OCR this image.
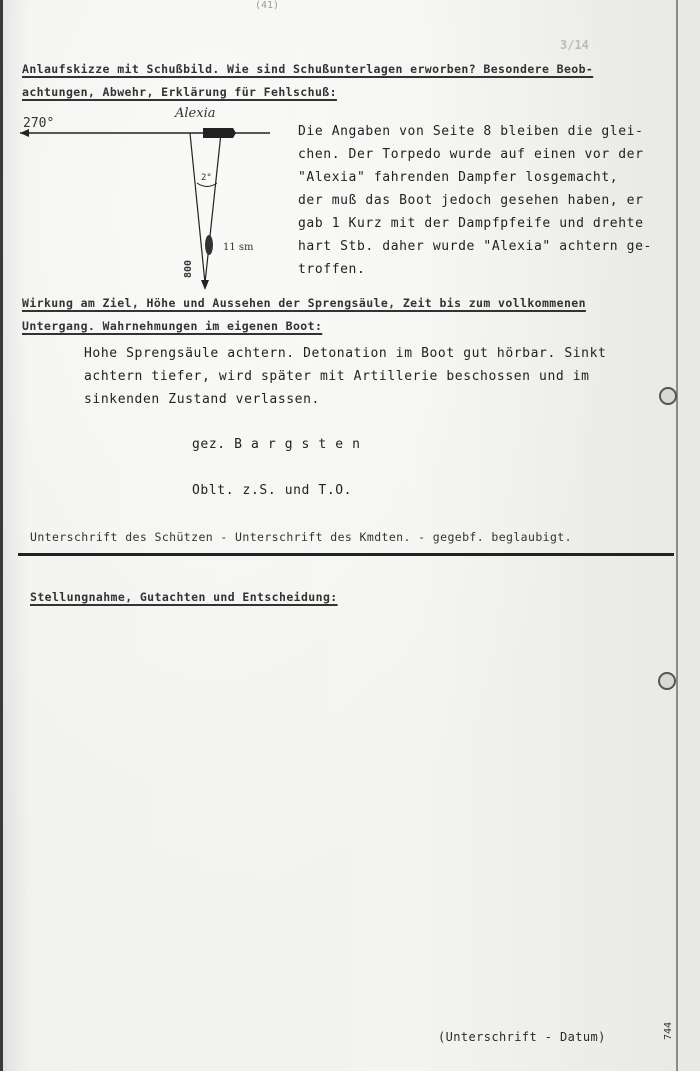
(41)
3/14
Anlaufskizze mit Schußbild. Wie sind Schußunterlagen erworben? Besondere Beob-
achtungen, Abwehr, Erklärung für Fehlschuß:
270°
Alexia
2°
11 sm
800
Die Angaben von Seite 8 bleiben die glei-
chen. Der Torpedo wurde auf einen vor der
"Alexia" fahrenden Dampfer losgemacht,
der muß das Boot jedoch gesehen haben, er
gab 1 Kurz mit der Dampfpfeife und drehte
hart Stb. daher wurde "Alexia" achtern ge-
troffen.
Wirkung am Ziel, Höhe und Aussehen der Sprengsäule, Zeit bis zum vollkommenen
Untergang. Wahrnehmungen im eigenen Boot:
Hohe Sprengsäule achtern. Detonation im Boot gut hörbar. Sinkt
achtern tiefer, wird später mit Artillerie beschossen und im
sinkenden Zustand verlassen.
gez. B a r g s t e n
Oblt. z.S. und T.O.
Unterschrift des Schützen - Unterschrift des Kmdten. - gegebf. beglaubigt.
Stellungnahme, Gutachten und Entscheidung:
(Unterschrift - Datum)	744
